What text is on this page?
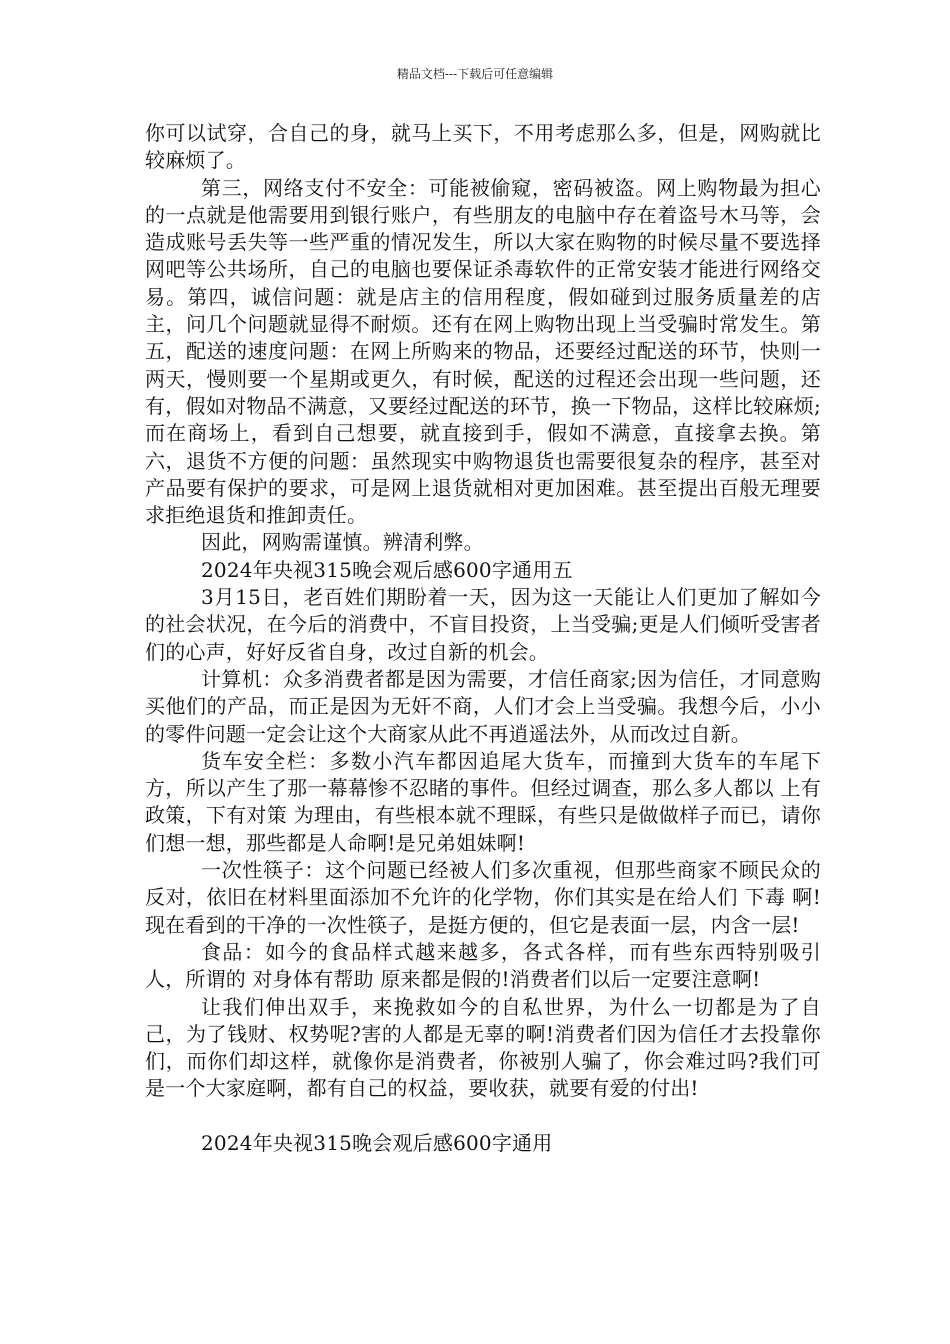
精品文档---下载后可任意编辑

你可以试穿，合自己的身，就马上买下，不用考虑那么多，但是，网购就比较麻烦了。

第三，网络支付不安全：可能被偷窥，密码被盗。网上购物最为担心的一点就是他需要用到银行账户，有些朋友的电脑中存在着盗号木马等，会造成账号丢失等一些严重的情况发生，所以大家在购物的时候尽量不要选择网吧等公共场所，自己的电脑也要保证杀毒软件的正常安装才能进行网络交易。第四，诚信问题：就是店主的信用程度，假如碰到过服务质量差的店主，问几个问题就显得不耐烦。还有在网上购物出现上当受骗时常发生。第五，配送的速度问题：在网上所购来的物品，还要经过配送的环节，快则一两天，慢则要一个星期或更久，有时候，配送的过程还会出现一些问题，还有，假如对物品不满意，又要经过配送的环节，换一下物品，这样比较麻烦;而在商场上，看到自己想要，就直接到手，假如不满意，直接拿去换。第六，退货不方便的问题：虽然现实中购物退货也需要很复杂的程序，甚至对产品要有保护的要求，可是网上退货就相对更加困难。甚至提出百般无理要求拒绝退货和推卸责任。

因此，网购需谨慎。辨清利弊。

2024年央视315晚会观后感600字通用五

3月15日，老百姓们期盼着一天，因为这一天能让人们更加了解如今的社会状况，在今后的消费中，不盲目投资，上当受骗;更是人们倾听受害者们的心声，好好反省自身，改过自新的机会。

计算机：众多消费者都是因为需要，才信任商家;因为信任，才同意购买他们的产品，而正是因为无奸不商，人们才会上当受骗。我想今后，小小的零件问题一定会让这个大商家从此不再逍遥法外，从而改过自新。

货车安全栏：多数小汽车都因追尾大货车，而撞到大货车的车尾下方，所以产生了那一幕幕惨不忍睹的事件。但经过调查，那么多人都以 上有政策，下有对策 为理由，有些根本就不理睬，有些只是做做样子而已，请你们想一想，那些都是人命啊!是兄弟姐妹啊!

一次性筷子：这个问题已经被人们多次重视，但那些商家不顾民众的反对，依旧在材料里面添加不允许的化学物，你们其实是在给人们 下毒 啊!现在看到的干净的一次性筷子，是挺方便的，但它是表面一层，内含一层!

食品：如今的食品样式越来越多，各式各样，而有些东西特别吸引人，所谓的 对身体有帮助 原来都是假的!消费者们以后一定要注意啊!

让我们伸出双手，来挽救如今的自私世界，为什么一切都是为了自己，为了钱财、权势呢?害的人都是无辜的啊!消费者们因为信任才去投靠你们，而你们却这样，就像你是消费者，你被别人骗了，你会难过吗?我们可是一个大家庭啊，都有自己的权益，要收获，就要有爱的付出!

2024年央视315晚会观后感600字通用
